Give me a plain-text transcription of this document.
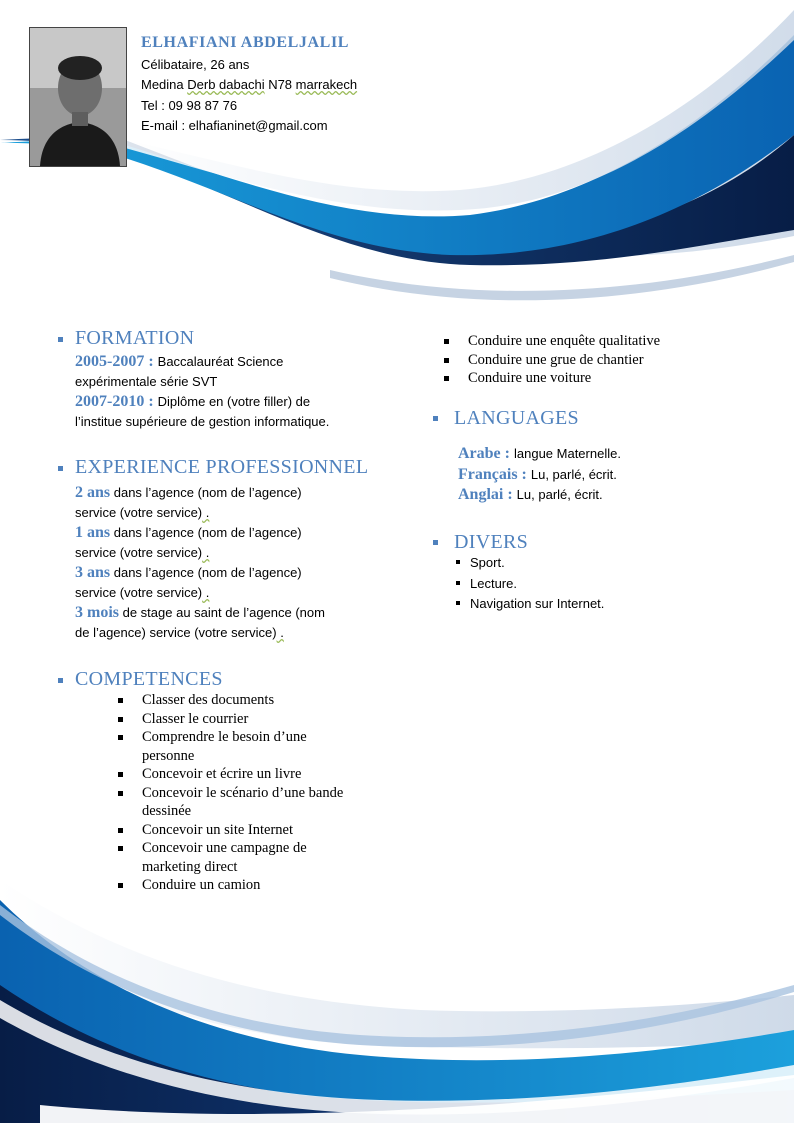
ELHAFIANI ABDELJALIL
Célibataire, 26 ans
Medina Derb dabachi N78 marrakech
Tel : 09 98 87 76
E-mail : elhafianinet@gmail.com
FORMATION

2005-2007 : Baccalauréat Science

expérimentale série SVT

2007-2010 : Diplôme en (votre filler) de

l’institue supérieure de gestion informatique.

EXPERIENCE PROFESSIONNEL

2 ans dans l’agence (nom de l’agence)

service (votre service) .

1 ans dans l’agence (nom de l’agence)

service (votre service) .

3 ans dans l’agence (nom de l’agence)

service (votre service) .

3 mois de stage au saint de l’agence (nom

de l’agence) service (votre service) .

COMPETENCES
Classer des documents
Classer le courrier
Comprendre le besoin d’une
personne
Concevoir et écrire un livre
Concevoir le scénario d’une bande
dessinée
Concevoir un site Internet
Concevoir une campagne de
marketing direct
Conduire un camion
Conduire une enquête qualitative
Conduire une grue de chantier
Conduire une voiture
LANGUAGES
Arabe : langue Maternelle.
Français : Lu, parlé, écrit.
Anglai : Lu, parlé, écrit.
DIVERS
Sport.
Lecture.
Navigation sur Internet.
